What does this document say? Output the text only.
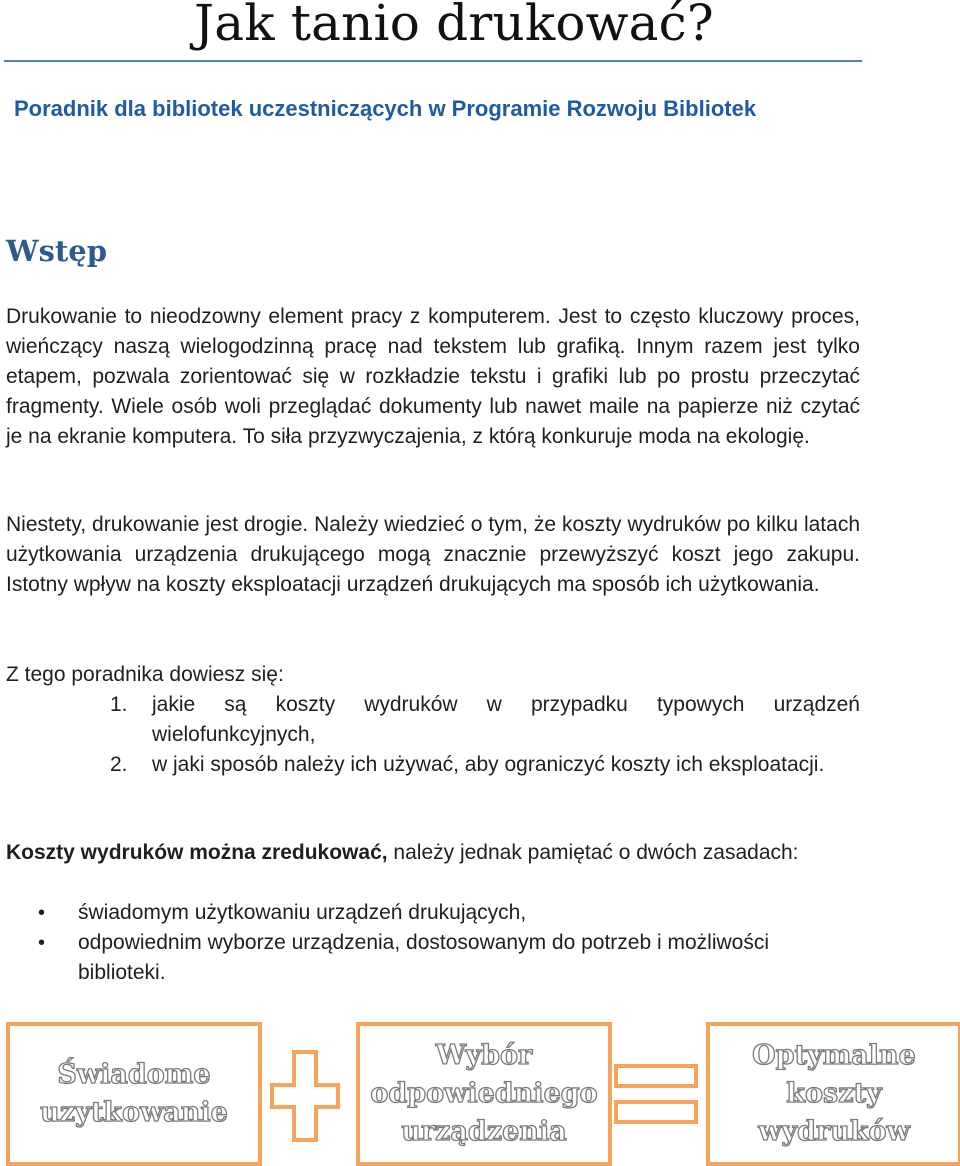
Jak tanio drukować?
Poradnik dla bibliotek uczestniczących w Programie Rozwoju Bibliotek
Wstęp

Drukowanie to nieodzowny element pracy z komputerem. Jest to często kluczowy proces, wieńczący naszą wielogodzinną pracę nad tekstem lub grafiką. Innym razem jest tylko etapem, pozwala zorientować się w rozkładzie tekstu i grafiki lub po prostu przeczytać fragmenty. Wiele osób woli przeglądać dokumenty lub nawet maile na papierze niż czytać je na ekranie komputera. To siła przyzwyczajenia, z którą konkuruje moda na ekologię.

Niestety, drukowanie jest drogie. Należy wiedzieć o tym, że koszty wydruków po kilku latach użytkowania urządzenia drukującego mogą znacznie przewyższyć koszt jego zakupu. Istotny wpływ na koszty eksploatacji urządzeń drukujących ma sposób ich użytkowania.

Z tego poradnika dowiesz się:

1. jakie są koszty wydruków w przypadku typowych urządzeń wielofunkcyjnych,
2. w jaki sposób należy ich używać, aby ograniczyć koszty ich eksploatacji.

Koszty wydruków można zredukować, należy jednak pamiętać o dwóch zasadach:

• świadomym użytkowaniu urządzeń drukujących,
• odpowiednim wyborze urządzenia, dostosowanym do potrzeb i możliwości biblioteki.
Świadome
uzytkowanie
Wybór
odpowiedniego
urządzenia
Optymalne
koszty
wydruków
